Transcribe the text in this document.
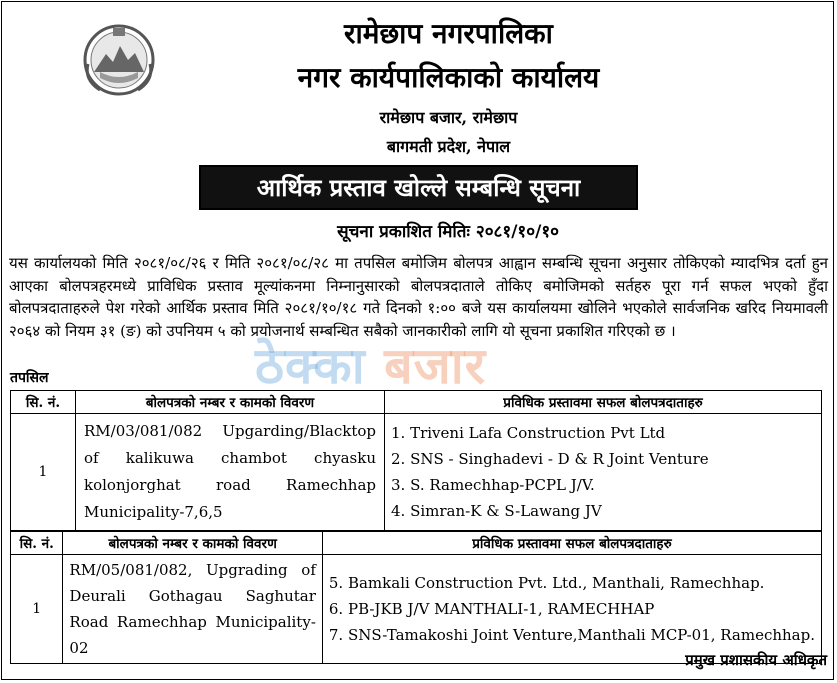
रामेछाप नगरपालिका
नगर कार्यपालिकाको कार्यालय
रामेछाप बजार, रामेछाप
बागमती प्रदेश, नेपाल
आर्थिक प्रस्ताव खोल्ले सम्बन्धि सूचना
सूचना प्रकाशित मितिः २०८१/१०/१०
यस कार्यालयको मिति २०८१/०८/२६ र मिति २०८१/०८/२८ मा तपसिल बमोजिम बोलपत्र आह्वान सम्बन्धि सूचना अनुसार तोकिएको म्यादभित्र दर्ता हुन आएका बोलपत्रहरमध्ये प्राविधिक प्रस्ताव मूल्यांकनमा निम्नानुसारको बोलपत्रदाताले तोकिए बमोजिमको सर्तहरु पूरा गर्न सफल भएको हुँदा बोलपत्रदाताहरुले पेश गरेको आर्थिक प्रस्ताव मिति २०८१/१०/१८ गते दिनको १:०० बजे यस कार्यालयमा खोलिने भएकोले सार्वजनिक खरिद नियमावली २०६४ को नियम ३१ (ङ) को उपनियम ५ को प्रयोजनार्थ सम्बन्धित सबैको जानकारीको लागि यो सूचना प्रकाशित गरिएको छ ।
ठेक्का बजार
तपसिल
सि. नं.	बोलपत्रको नम्बर र कामको विवरण	प्रविधिक प्रस्तावमा सफल बोलपत्रदाताहरु
1	RM/03/081/082 Upgarding/Blacktop of kalikuwa chambot chyasku kolonjorghat road Ramechhap Municipality-7,6,5	1. Triveni Lafa Construction Pvt Ltd
2. SNS - Singhadevi - D & R Joint Venture
3. S. Ramechhap-PCPL J/V.
4. Simran-K & S-Lawang JV
सि. नं.	बोलपत्रको नम्बर र कामको विवरण	प्रविधिक प्रस्तावमा सफल बोलपत्रदाताहरु
1	RM/05/081/082, Upgrading of Deurali Gothagau Saghutar Road Ramechhap Municipality-02	5. Bamkali Construction Pvt. Ltd., Manthali, Ramechhap.
6. PB-JKB J/V MANTHALI-1, RAMECHHAP
7. SNS-Tamakoshi Joint Venture,Manthali MCP-01, Ramechhap.
प्रमुख प्रशासकीय अधिकृत
